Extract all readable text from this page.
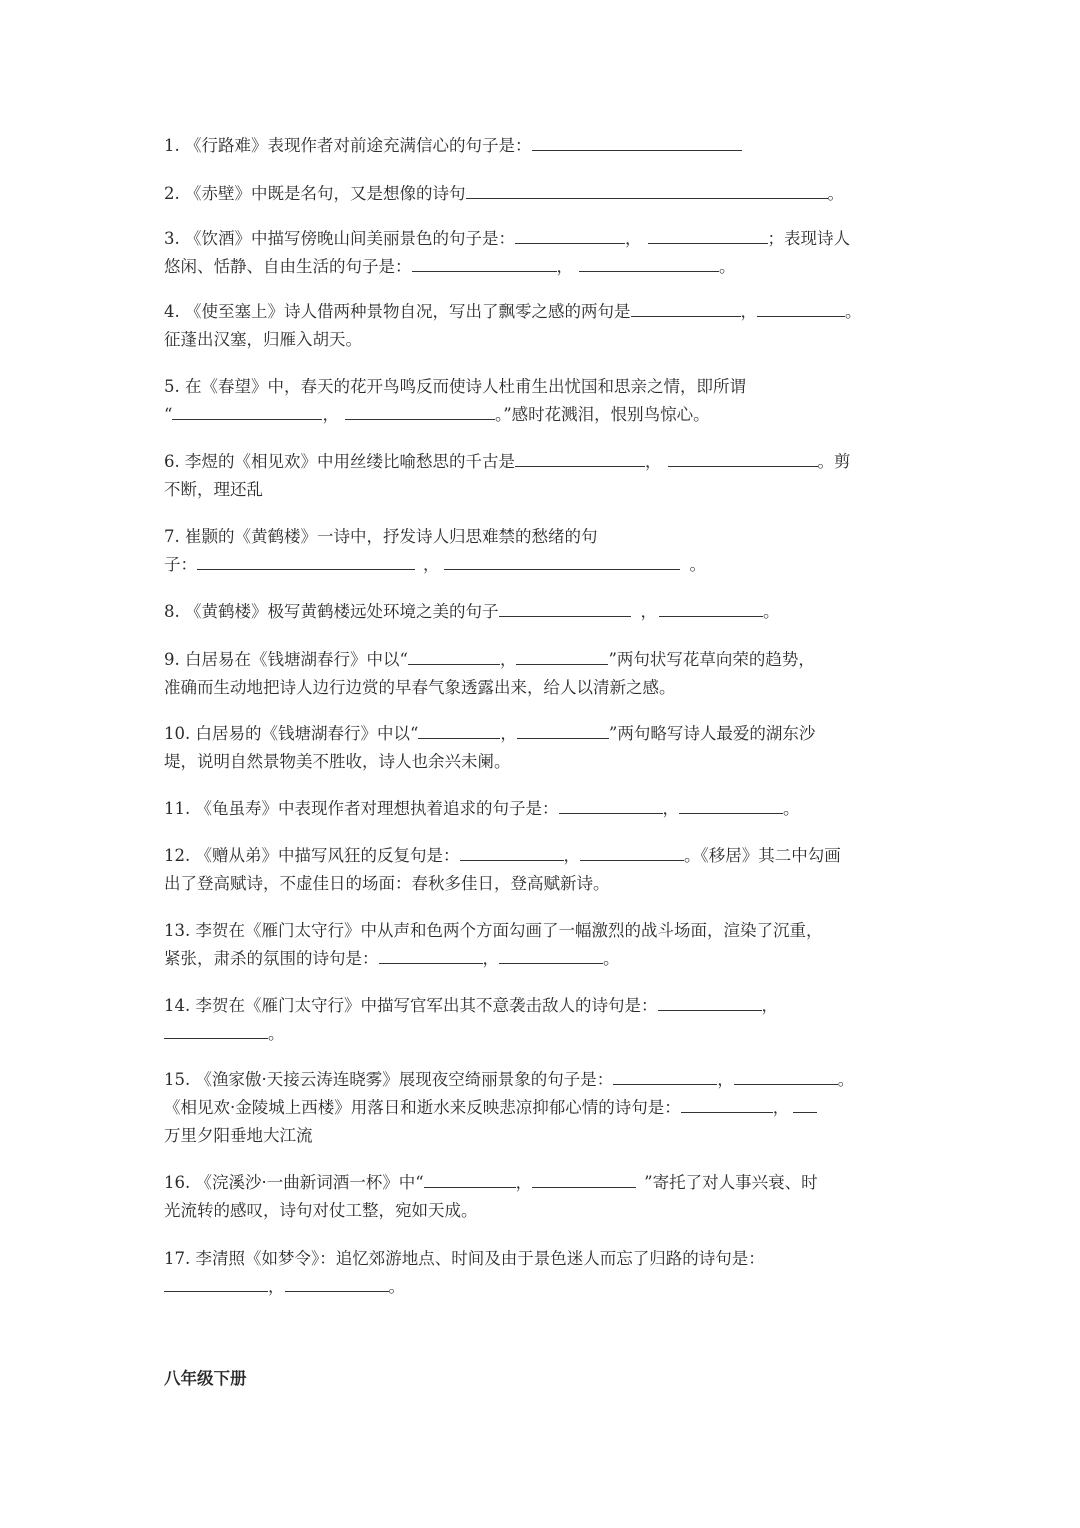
1. 《行路难》表现作者对前途充满信心的句子是：
2. 《赤壁》中既是名句，又是想像的诗句	。
3. 《饮酒》中描写傍晚山间美丽景色的句子是：	，	；表现诗人
悠闲、恬静、自由生活的句子是：	，	。
4. 《使至塞上》诗人借两种景物自况，写出了飘零之感的两句是	，	。
征蓬出汉塞，归雁入胡天。
5. 在《春望》中，春天的花开鸟鸣反而使诗人杜甫生出忧国和思亲之情，即所谓
“	，	。”感时花溅泪，恨别鸟惊心。
6. 李煜的《相见欢》中用丝缕比喻愁思的千古是	，	。剪
不断，理还乱
7. 崔颢的《黄鹤楼》一诗中，抒发诗人归思难禁的愁绪的句
子：	，	。
8. 《黄鹤楼》极写黄鹤楼远处环境之美的句子	，	。
9. 白居易在《钱塘湖春行》中以“	，	”两句状写花草向荣的趋势，
准确而生动地把诗人边行边赏的早春气象透露出来，给人以清新之感。
10. 白居易的《钱塘湖春行》中以“	，	”两句略写诗人最爱的湖东沙
堤，说明自然景物美不胜收，诗人也余兴未阑。
11. 《龟虽寿》中表现作者对理想执着追求的句子是：	，	。
12. 《赠从弟》中描写风狂的反复句是：	，	。《移居》其二中勾画
出了登高赋诗，不虚佳日的场面：春秋多佳日，登高赋新诗。
13. 李贺在《雁门太守行》中从声和色两个方面勾画了一幅激烈的战斗场面，渲染了沉重，
紧张，肃杀的氛围的诗句是：	，	。
14. 李贺在《雁门太守行》中描写官军出其不意袭击敌人的诗句是：	，
。
15. 《渔家傲·天接云涛连晓雾》展现夜空绮丽景象的句子是：	，	。
《相见欢·金陵城上西楼》用落日和逝水来反映悲凉抑郁心情的诗句是：	，
万里夕阳垂地大江流
16. 《浣溪沙·一曲新词酒一杯》中“	，	”寄托了对人事兴衰、时
光流转的感叹，诗句对仗工整，宛如天成。
17. 李清照《如梦令》：追忆郊游地点、时间及由于景色迷人而忘了归路的诗句是：
，	。
八年级下册
